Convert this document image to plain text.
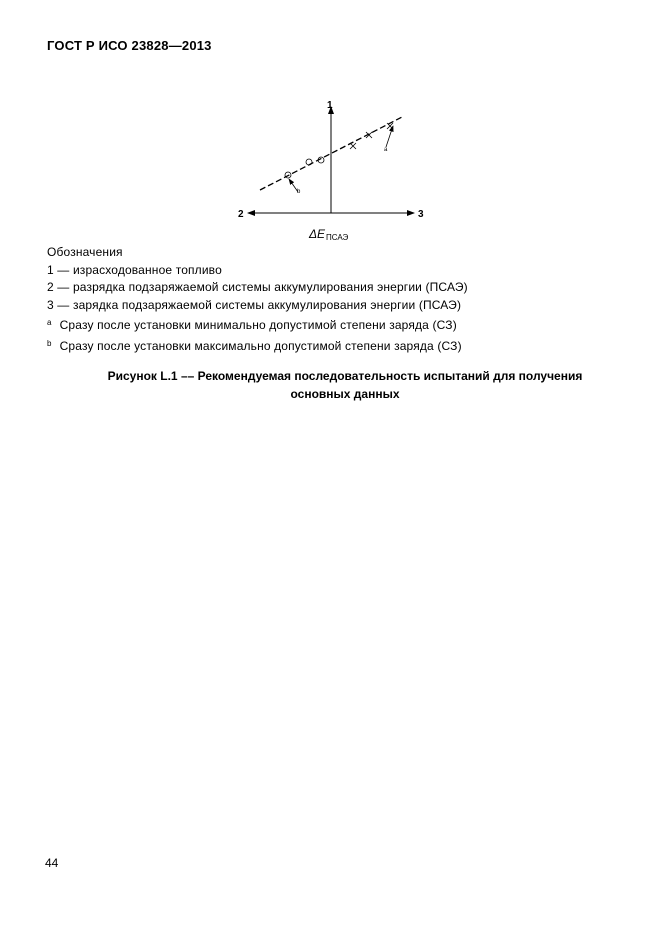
ГОСТ Р ИСО 23828—2013
1
2	3
a
b
ΔE ПСАЭ
Обозначения
1 — израсходованное топливо
2 — разрядка подзаряжаемой системы аккумулирования энергии (ПСАЭ)
3 — зарядка подзаряжаемой системы аккумулирования энергии (ПСАЭ)
$^a$ Сразу после установки минимально допустимой степени заряда (СЗ)
$^b$ Сразу после установки максимально допустимой степени заряда (СЗ)
Рисунок L.1 –– Рекомендуемая последовательность испытаний для получения
основных данных
44
